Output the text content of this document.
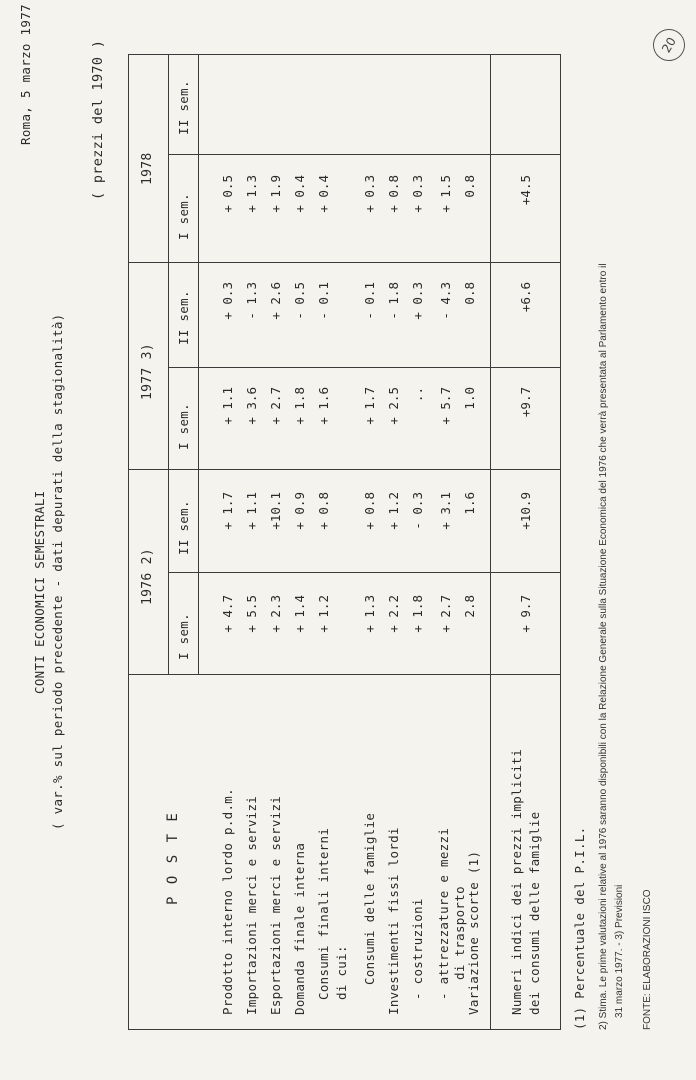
20
Roma, 5 marzo 1977
CONTI ECONOMICI SEMESTRALI ( var.% sul periodo precedente - dati depurati della stagionalità)
( prezzi del 1970 )
P O S T E
1976 2)
1977 3)
1978
I sem.
II sem.
I sem.
II sem.
I sem.
II sem.
Prodotto interno lordo p.d.m.
+ 4.7
+ 1.7
+ 1.1
+ 0.3
+ 0.5
Importazioni merci e servizi
+ 5.5
+ 1.1
+ 3.6
- 1.3
+ 1.3
Esportazioni merci e servizi
+ 2.3
+10.1
+ 2.7
+ 2.6
+ 1.9
Domanda finale interna
+ 1.4
+ 0.9
+ 1.8
- 0.5
+ 0.4
Consumi finali interni
+ 1.2
+ 0.8
+ 1.6
- 0.1
+ 0.4
di cui: Consumi delle famiglie
+ 1.3
+ 0.8
+ 1.7
- 0.1
+ 0.3
Investimenti fissi lordi
+ 2.2
+ 1.2
+ 2.5
- 1.8
+ 0.8
- costruzioni
+ 1.8
- 0.3
..
+ 0.3
+ 0.3
- attrezzature e mezzi
+ 2.7
+ 3.1
+ 5.7
- 4.3
+ 1.5
di trasporto Variazione scorte (1)
2.8
1.6
1.0
0.8
0.8
Numeri indici dei prezzi impliciti dei consumi delle famiglie
+ 9.7
+10.9
+9.7
+6.6
+4.5
(1) Percentuale del P.I.L. 2) Stima. Le prime valutazioni relative al 1976 saranno disponibili con la Relazione Generale sulla Situazione Economica del 1976 che verrà presentata al Parlamento entro il 31 marzo 1977. - 3) Previsioni FONTE: ELABORAZIONI ISCO
